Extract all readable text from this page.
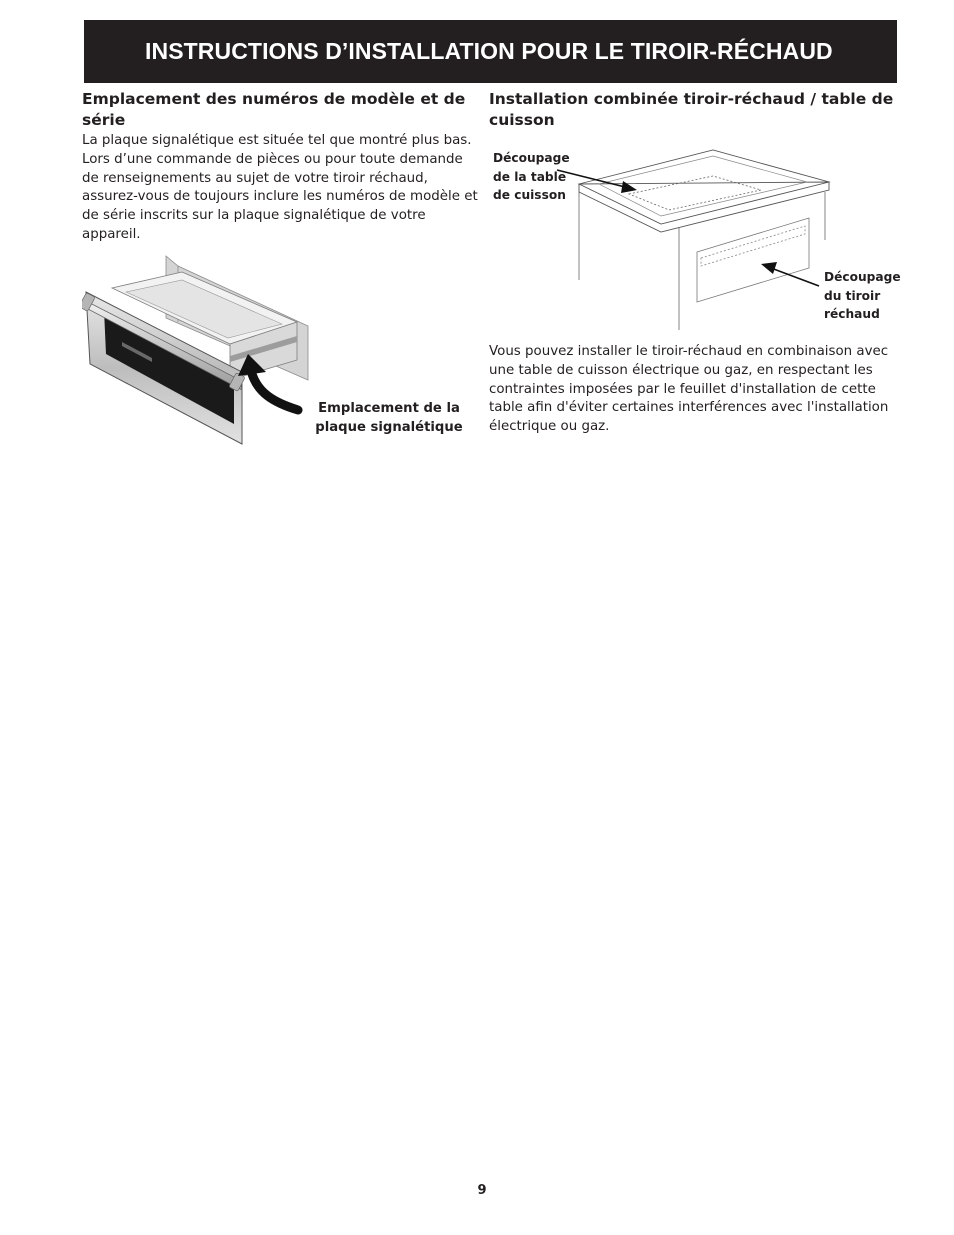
INSTRUCTIONS D’INSTALLATION POUR LE TIROIR-RÉCHAUD
Emplacement des numéros de modèle et de série

La plaque signalétique est située tel que montré plus bas. Lors d’une commande de pièces ou pour toute demande de renseignements au sujet de votre tiroir réchaud, assurez-vous de toujours inclure les numéros de modèle et de série inscrits sur la plaque signalétique de votre appareil.

Emplacement de la plaque signalétique
Installation combinée tiroir-réchaud / table de cuisson
Découpage de la table de cuisson
Découpage du tiroir réchaud

Vous pouvez installer le tiroir-réchaud en combinaison avec une table de cuisson électrique ou gaz, en respectant les contraintes imposées par le feuillet d'installation de cette table afin d'éviter certaines interférences avec l'installation électrique ou gaz.

9
